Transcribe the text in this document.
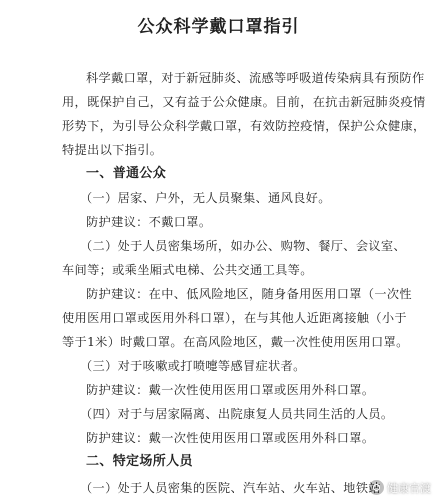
公众科学戴口罩指引

科学戴口罩，对于新冠肺炎、流感等呼吸道传染病具有预防作

用，既保护自己，又有益于公众健康。目前，在抗击新冠肺炎疫情

形势下，为引导公众科学戴口罩，有效防控疫情，保护公众健康，

特提出以下指引。

一、普通公众

（一）居家、户外，无人员聚集、通风良好。

防护建议：不戴口罩。

（二）处于人员密集场所，如办公、购物、餐厅、会议室、

车间等；或乘坐厢式电梯、公共交通工具等。

防护建议：在中、低风险地区，随身备用医用口罩（一次性

使用医用口罩或医用外科口罩），在与其他人近距离接触（小于

等于1米）时戴口罩。在高风险地区，戴一次性使用医用口罩。

（三）对于咳嗽或打喷嚏等感冒症状者。

防护建议：戴一次性使用医用口罩或医用外科口罩。

（四）对于与居家隔离、出院康复人员共同生活的人员。

防护建议：戴一次性使用医用口罩或医用外科口罩。

二、特定场所人员

（一）处于人员密集的医院、汽车站、火车站、地铁站 健康官渡
